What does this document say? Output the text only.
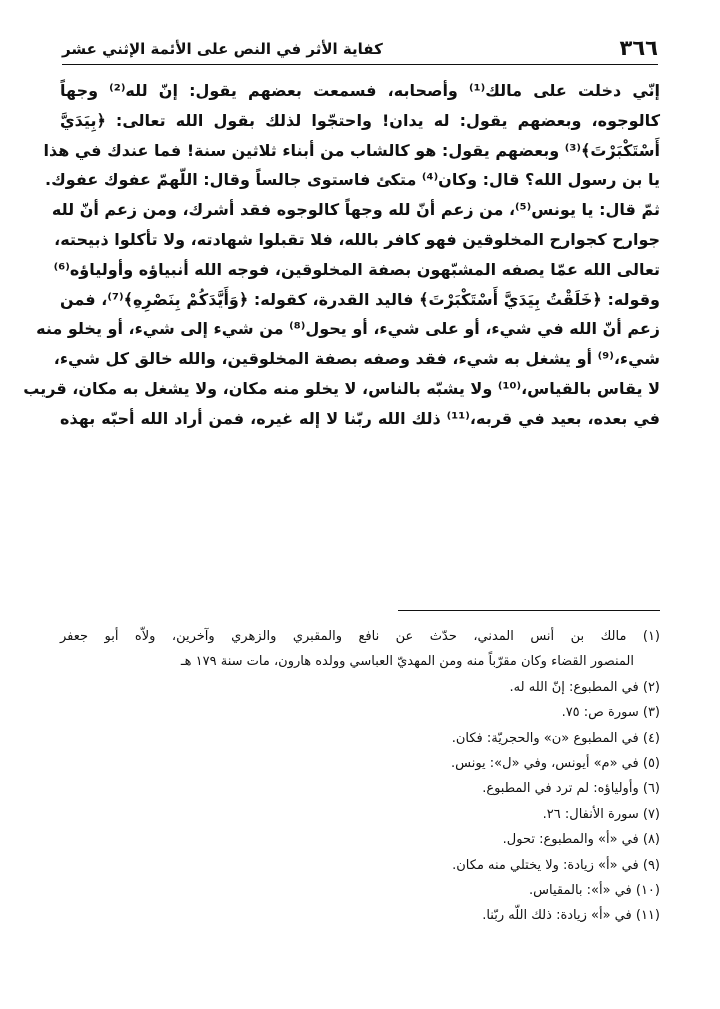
٣٦٦
كفاية الأثر في النص على الأئمة الإثني عشر
إنّي دخلت على مالك⁽¹⁾ وأصحابه، فسمعت بعضهم يقول: إنّ لله⁽²⁾ وجهاً
كالوجوه، وبعضهم يقول: له يدان! واحتجّوا لذلك بقول الله تعالى: ﴿بِيَدَيَّ
أَسْتَكْبَرْتَ﴾⁽³⁾ وبعضهم يقول: هو كالشاب من أبناء ثلاثين سنة! فما عندك في هذا
يا بن رسول الله؟ قال: وكان⁽⁴⁾ متكئ فاستوى جالساً وقال: اللّهمّ عفوك عفوك.
ثمّ قال: يا يونس⁽⁵⁾، من زعم أنّ لله وجهاً كالوجوه فقد أشرك، ومن زعم أنّ لله
جوارح كجوارح المخلوقين فهو كافر بالله، فلا تقبلوا شهادته، ولا تأكلوا ذبيحته،
تعالى الله عمّا يصفه المشبّهون بصفة المخلوقين، فوجه الله أنبياؤه وأولياؤه⁽⁶⁾
وقوله: ﴿خَلَقْتُ بِيَدَيَّ أَسْتَكْبَرْتَ﴾ فاليد القدرة، كقوله: ﴿وَأَيَّدَكُمْ بِنَصْرِهِ﴾⁽⁷⁾، فمن
زعم أنّ الله في شيء، أو على شيء، أو يحول⁽⁸⁾ من شيء إلى شيء، أو يخلو منه
شيء،⁽⁹⁾ أو يشغل به شيء، فقد وصفه بصفة المخلوقين، والله خالق كل شيء،
لا يقاس بالقياس،⁽¹⁰⁾ ولا يشبّه بالناس، لا يخلو منه مكان، ولا يشغل به مكان، قريب
في بعده، بعيد في قربه،⁽¹¹⁾ ذلك الله ربّنا لا إله غيره، فمن أراد الله أحبّه بهذه
(١) مالك بن أنس المدني، حدّث عن نافع والمقبري والزهري وآخرين، ولاّه أبو جعفر
المنصور القضاء وكان مقرّباً منه ومن المهديّ العباسي وولده هارون، مات سنة ١٧٩ هـ
(٢) في المطبوع: إنّ الله له.
(٣) سورة ص: ٧٥.
(٤) في المطبوع «ن» والحجريّة: فكان.
(٥) في «م» أيونس، وفي «ل»: يونس.
(٦) وأولياؤه: لم ترد في المطبوع.
(٧) سورة الأنفال: ٢٦.
(٨) في «أ» والمطبوع: تحول.
(٩) في «أ» زيادة: ولا يختلي منه مكان.
(١٠) في «أ»: بالمقياس.
(١١) في «أ» زيادة: ذلك اللّه ربّنا.
